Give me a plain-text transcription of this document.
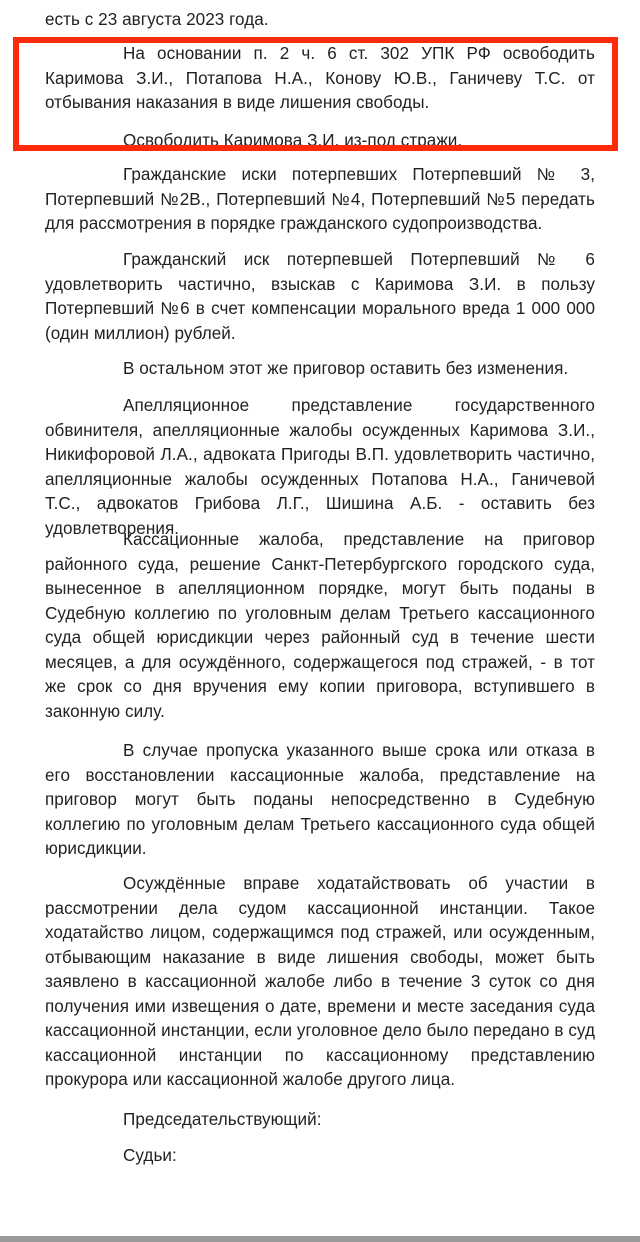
есть с 23 августа 2023 года.

На основании п. 2 ч. 6 ст. 302 УПК РФ освободить Каримова З.И., Потапова Н.А., Конову Ю.В., Ганичеву Т.С. от отбывания наказания в виде лишения свободы.

Освободить Каримова З.И. из-под стражи.

Гражданские иски потерпевших Потерпевший № 3, Потерпевший №2В., Потерпевший №4, Потерпевший №5 передать для рассмотрения в порядке гражданского судопроизводства.

Гражданский иск потерпевшей Потерпевший № 6 удовлетворить частично, взыскав с Каримова З.И. в пользу Потерпевший №6 в счет компенсации морального вреда 1 000 000 (один миллион) рублей.

В остальном этот же приговор оставить без изменения.

Апелляционное представление государственного обвинителя, апелляционные жалобы осужденных Каримова З.И., Никифоровой Л.А., адвоката Пригоды В.П. удовлетворить частично, апелляционные жалобы осужденных Потапова Н.А., Ганичевой Т.С., адвокатов Грибова Л.Г., Шишина А.Б. - оставить без удовлетворения.

Кассационные жалоба, представление на приговор районного суда, решение Санкт-Петербургского городского суда, вынесенное в апелляционном порядке, могут быть поданы в Судебную коллегию по уголовным делам Третьего кассационного суда общей юрисдикции через районный суд в течение шести месяцев, а для осуждённого, содержащегося под стражей, - в тот же срок со дня вручения ему копии приговора, вступившего в законную силу.

В случае пропуска указанного выше срока или отказа в его восстановлении кассационные жалоба, представление на приговор могут быть поданы непосредственно в Судебную коллегию по уголовным делам Третьего кассационного суда общей юрисдикции.

Осуждённые вправе ходатайствовать об участии в рассмотрении дела судом кассационной инстанции. Такое ходатайство лицом, содержащимся под стражей, или осужденным, отбывающим наказание в виде лишения свободы, может быть заявлено в кассационной жалобе либо в течение 3 суток со дня получения ими извещения о дате, времени и месте заседания суда кассационной инстанции, если уголовное дело было передано в суд кассационной инстанции по кассационному представлению прокурора или кассационной жалобе другого лица.

Председательствующий:

Судьи:
